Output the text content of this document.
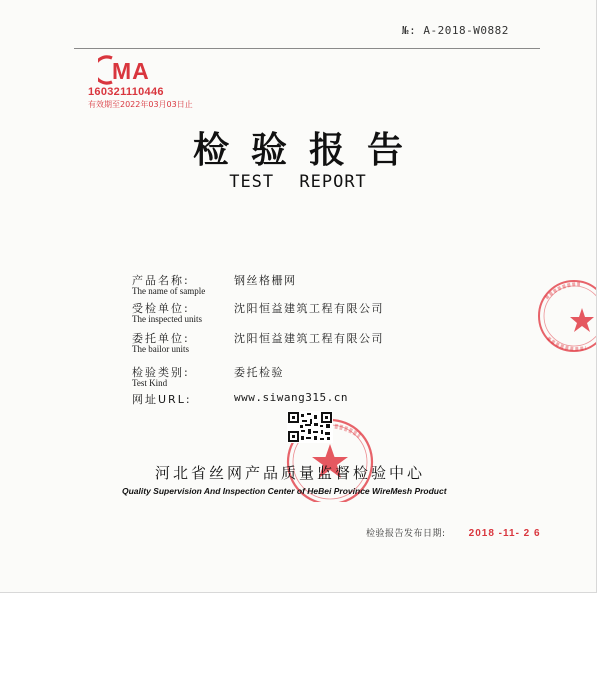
№: A-2018-W0882
MA
160321110446
有效期至2022年03月03日止
检验报告
TEST REPORT
产品名称:
The name of sample
钢丝格栅网
受检单位:
The inspected units
沈阳恒益建筑工程有限公司
委托单位:
The bailor units
沈阳恒益建筑工程有限公司
检验类别:
Test Kind
委托检验
网址URL:	www.siwang315.cn
河北省丝网产品质量监督检验中心
Quality Supervision And Inspection Center of HeBei Province WireMesh Product
检验报告发布日期: 2018 -11- 2 6
